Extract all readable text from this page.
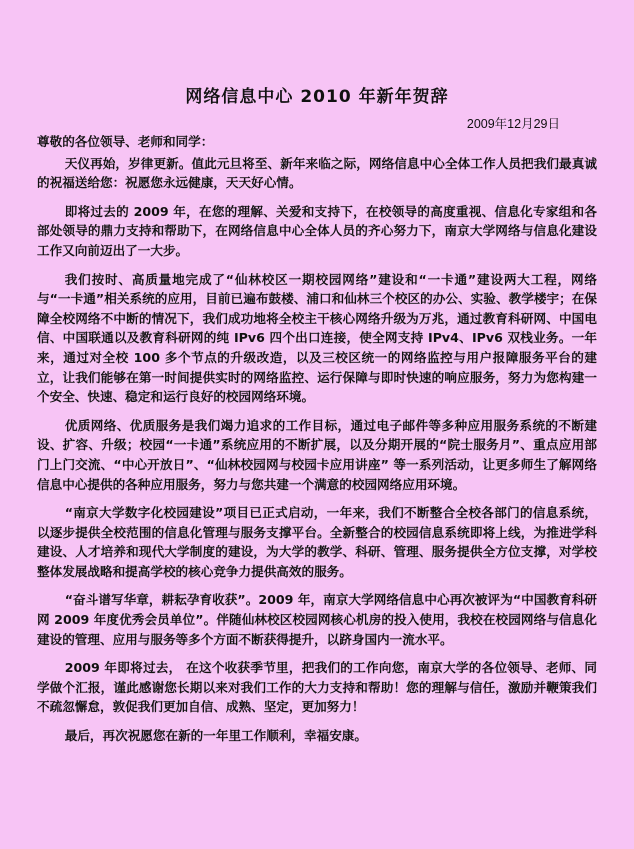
网络信息中心 2010 年新年贺辞
2009年12月29日

尊敬的各位领导、老师和同学：

天仪再始，岁律更新。值此元旦将至、新年来临之际，网络信息中心全体工作人员把我们最真诚的祝福送给您：祝愿您永远健康，天天好心情。

即将过去的 2009 年，在您的理解、关爱和支持下，在校领导的高度重视、信息化专家组和各部处领导的鼎力支持和帮助下，在网络信息中心全体人员的齐心努力下，南京大学网络与信息化建设工作又向前迈出了一大步。

我们按时、高质量地完成了“仙林校区一期校园网络”建设和“一卡通”建设两大工程，网络与“一卡通”相关系统的应用，目前已遍布鼓楼、浦口和仙林三个校区的办公、实验、教学楼宇；在保障全校网络不中断的情况下，我们成功地将全校主干核心网络升级为万兆，通过教育科研网、中国电信、中国联通以及教育科研网的纯 IPv6 四个出口连接，使全网支持 IPv4、IPv6 双栈业务。一年来，通过对全校 100 多个节点的升级改造，以及三校区统一的网络监控与用户报障服务平台的建立，让我们能够在第一时间提供实时的网络监控、运行保障与即时快速的响应服务，努力为您构建一个安全、快速、稳定和运行良好的校园网络环境。

优质网络、优质服务是我们竭力追求的工作目标，通过电子邮件等多种应用服务系统的不断建设、扩容、升级；校园“一卡通”系统应用的不断扩展，以及分期开展的“院士服务月”、重点应用部门上门交流、“中心开放日”、“仙林校园网与校园卡应用讲座” 等一系列活动，让更多师生了解网络信息中心提供的各种应用服务，努力与您共建一个满意的校园网络应用环境。

“南京大学数字化校园建设”项目已正式启动，一年来，我们不断整合全校各部门的信息系统，以逐步提供全校范围的信息化管理与服务支撑平台。全新整合的校园信息系统即将上线，为推进学科建设、人才培养和现代大学制度的建设，为大学的教学、科研、管理、服务提供全方位支撑，对学校整体发展战略和提高学校的核心竞争力提供高效的服务。

“奋斗谱写华章，耕耘孕育收获”。2009 年，南京大学网络信息中心再次被评为“中国教育科研网 2009 年度优秀会员单位”。伴随仙林校区校园网核心机房的投入使用，我校在校园网络与信息化建设的管理、应用与服务等多个方面不断获得提升，以跻身国内一流水平。

2009 年即将过去， 在这个收获季节里，把我们的工作向您，南京大学的各位领导、老师、同学做个汇报，谨此感谢您长期以来对我们工作的大力支持和帮助！您的理解与信任，激励并鞭策我们不疏忽懈怠，敦促我们更加自信、成熟、坚定，更加努力！

最后，再次祝愿您在新的一年里工作顺利，幸福安康。
